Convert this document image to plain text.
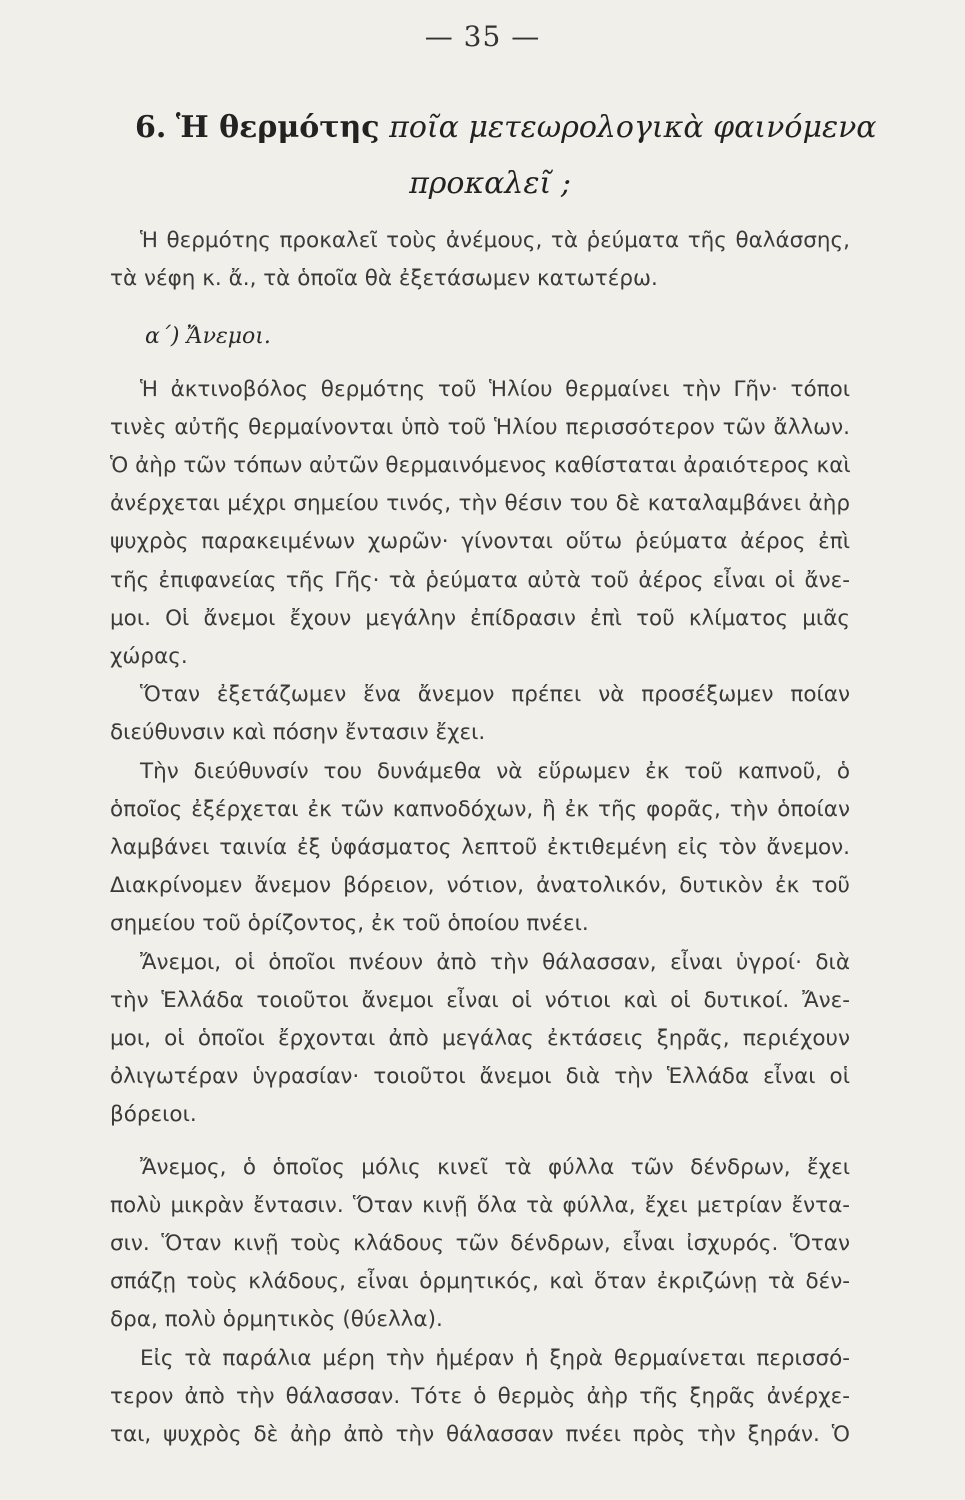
— 35 —
6. Ἡ θερμότης ποῖα μετεωρολογικὰ φαινόμενα
προκαλεῖ ;
Ἡ θερμότης προκαλεῖ τοὺς ἀνέμους, τὰ ῥεύματα τῆς θαλάσσης,
τὰ νέφη κ. ἄ., τὰ ὁποῖα θὰ ἐξετάσωμεν κατωτέρω.
α΄) Ἄνεμοι.
Ἡ ἀκτινοβόλος θερμότης τοῦ Ἡλίου θερμαίνει τὴν Γῆν· τόποι
τινὲς αὐτῆς θερμαίνονται ὑπὸ τοῦ Ἡλίου περισσότερον τῶν ἄλλων.
Ὁ ἀὴρ τῶν τόπων αὐτῶν θερμαινόμενος καθίσταται ἀραιότερος καὶ
ἀνέρχεται μέχρι σημείου τινός, τὴν θέσιν του δὲ καταλαμβάνει ἀὴρ
ψυχρὸς παρακειμένων χωρῶν· γίνονται οὕτω ῥεύματα ἀέρος ἐπὶ
τῆς ἐπιφανείας τῆς Γῆς· τὰ ῥεύματα αὐτὰ τοῦ ἀέρος εἶναι οἱ ἄνε-
μοι. Οἱ ἄνεμοι ἔχουν μεγάλην ἐπίδρασιν ἐπὶ τοῦ κλίματος μιᾶς
χώρας.
Ὅταν ἐξετάζωμεν ἕνα ἄνεμον πρέπει νὰ προσέξωμεν ποίαν
διεύθυνσιν καὶ πόσην ἔντασιν ἔχει.
Τὴν διεύθυνσίν του δυνάμεθα νὰ εὕρωμεν ἐκ τοῦ καπνοῦ, ὁ
ὁποῖος ἐξέρχεται ἐκ τῶν καπνοδόχων, ἢ ἐκ τῆς φορᾶς, τὴν ὁποίαν
λαμβάνει ταινία ἐξ ὑφάσματος λεπτοῦ ἐκτιθεμένη εἰς τὸν ἄνεμον.
Διακρίνομεν ἄνεμον βόρειον, νότιον, ἀνατολικόν, δυτικὸν ἐκ τοῦ
σημείου τοῦ ὁρίζοντος, ἐκ τοῦ ὁποίου πνέει.
Ἄνεμοι, οἱ ὁποῖοι πνέουν ἀπὸ τὴν θάλασσαν, εἶναι ὑγροί· διὰ
τὴν Ἑλλάδα τοιοῦτοι ἄνεμοι εἶναι οἱ νότιοι καὶ οἱ δυτικοί. Ἄνε-
μοι, οἱ ὁποῖοι ἔρχονται ἀπὸ μεγάλας ἐκτάσεις ξηρᾶς, περιέχουν
ὀλιγωτέραν ὑγρασίαν· τοιοῦτοι ἄνεμοι διὰ τὴν Ἑλλάδα εἶναι οἱ
βόρειοι.
Ἄνεμος, ὁ ὁποῖος μόλις κινεῖ τὰ φύλλα τῶν δένδρων, ἔχει
πολὺ μικρὰν ἔντασιν. Ὅταν κινῇ ὅλα τὰ φύλλα, ἔχει μετρίαν ἔντα-
σιν. Ὅταν κινῇ τοὺς κλάδους τῶν δένδρων, εἶναι ἰσχυρός. Ὅταν
σπάζῃ τοὺς κλάδους, εἶναι ὁρμητικός, καὶ ὅταν ἐκριζώνῃ τὰ δέν-
δρα, πολὺ ὁρμητικὸς (θύελλα).
Εἰς τὰ παράλια μέρη τὴν ἡμέραν ἡ ξηρὰ θερμαίνεται περισσό-
τερον ἀπὸ τὴν θάλασσαν. Τότε ὁ θερμὸς ἀὴρ τῆς ξηρᾶς ἀνέρχε-
ται, ψυχρὸς δὲ ἀὴρ ἀπὸ τὴν θάλασσαν πνέει πρὸς τὴν ξηράν. Ὁ
